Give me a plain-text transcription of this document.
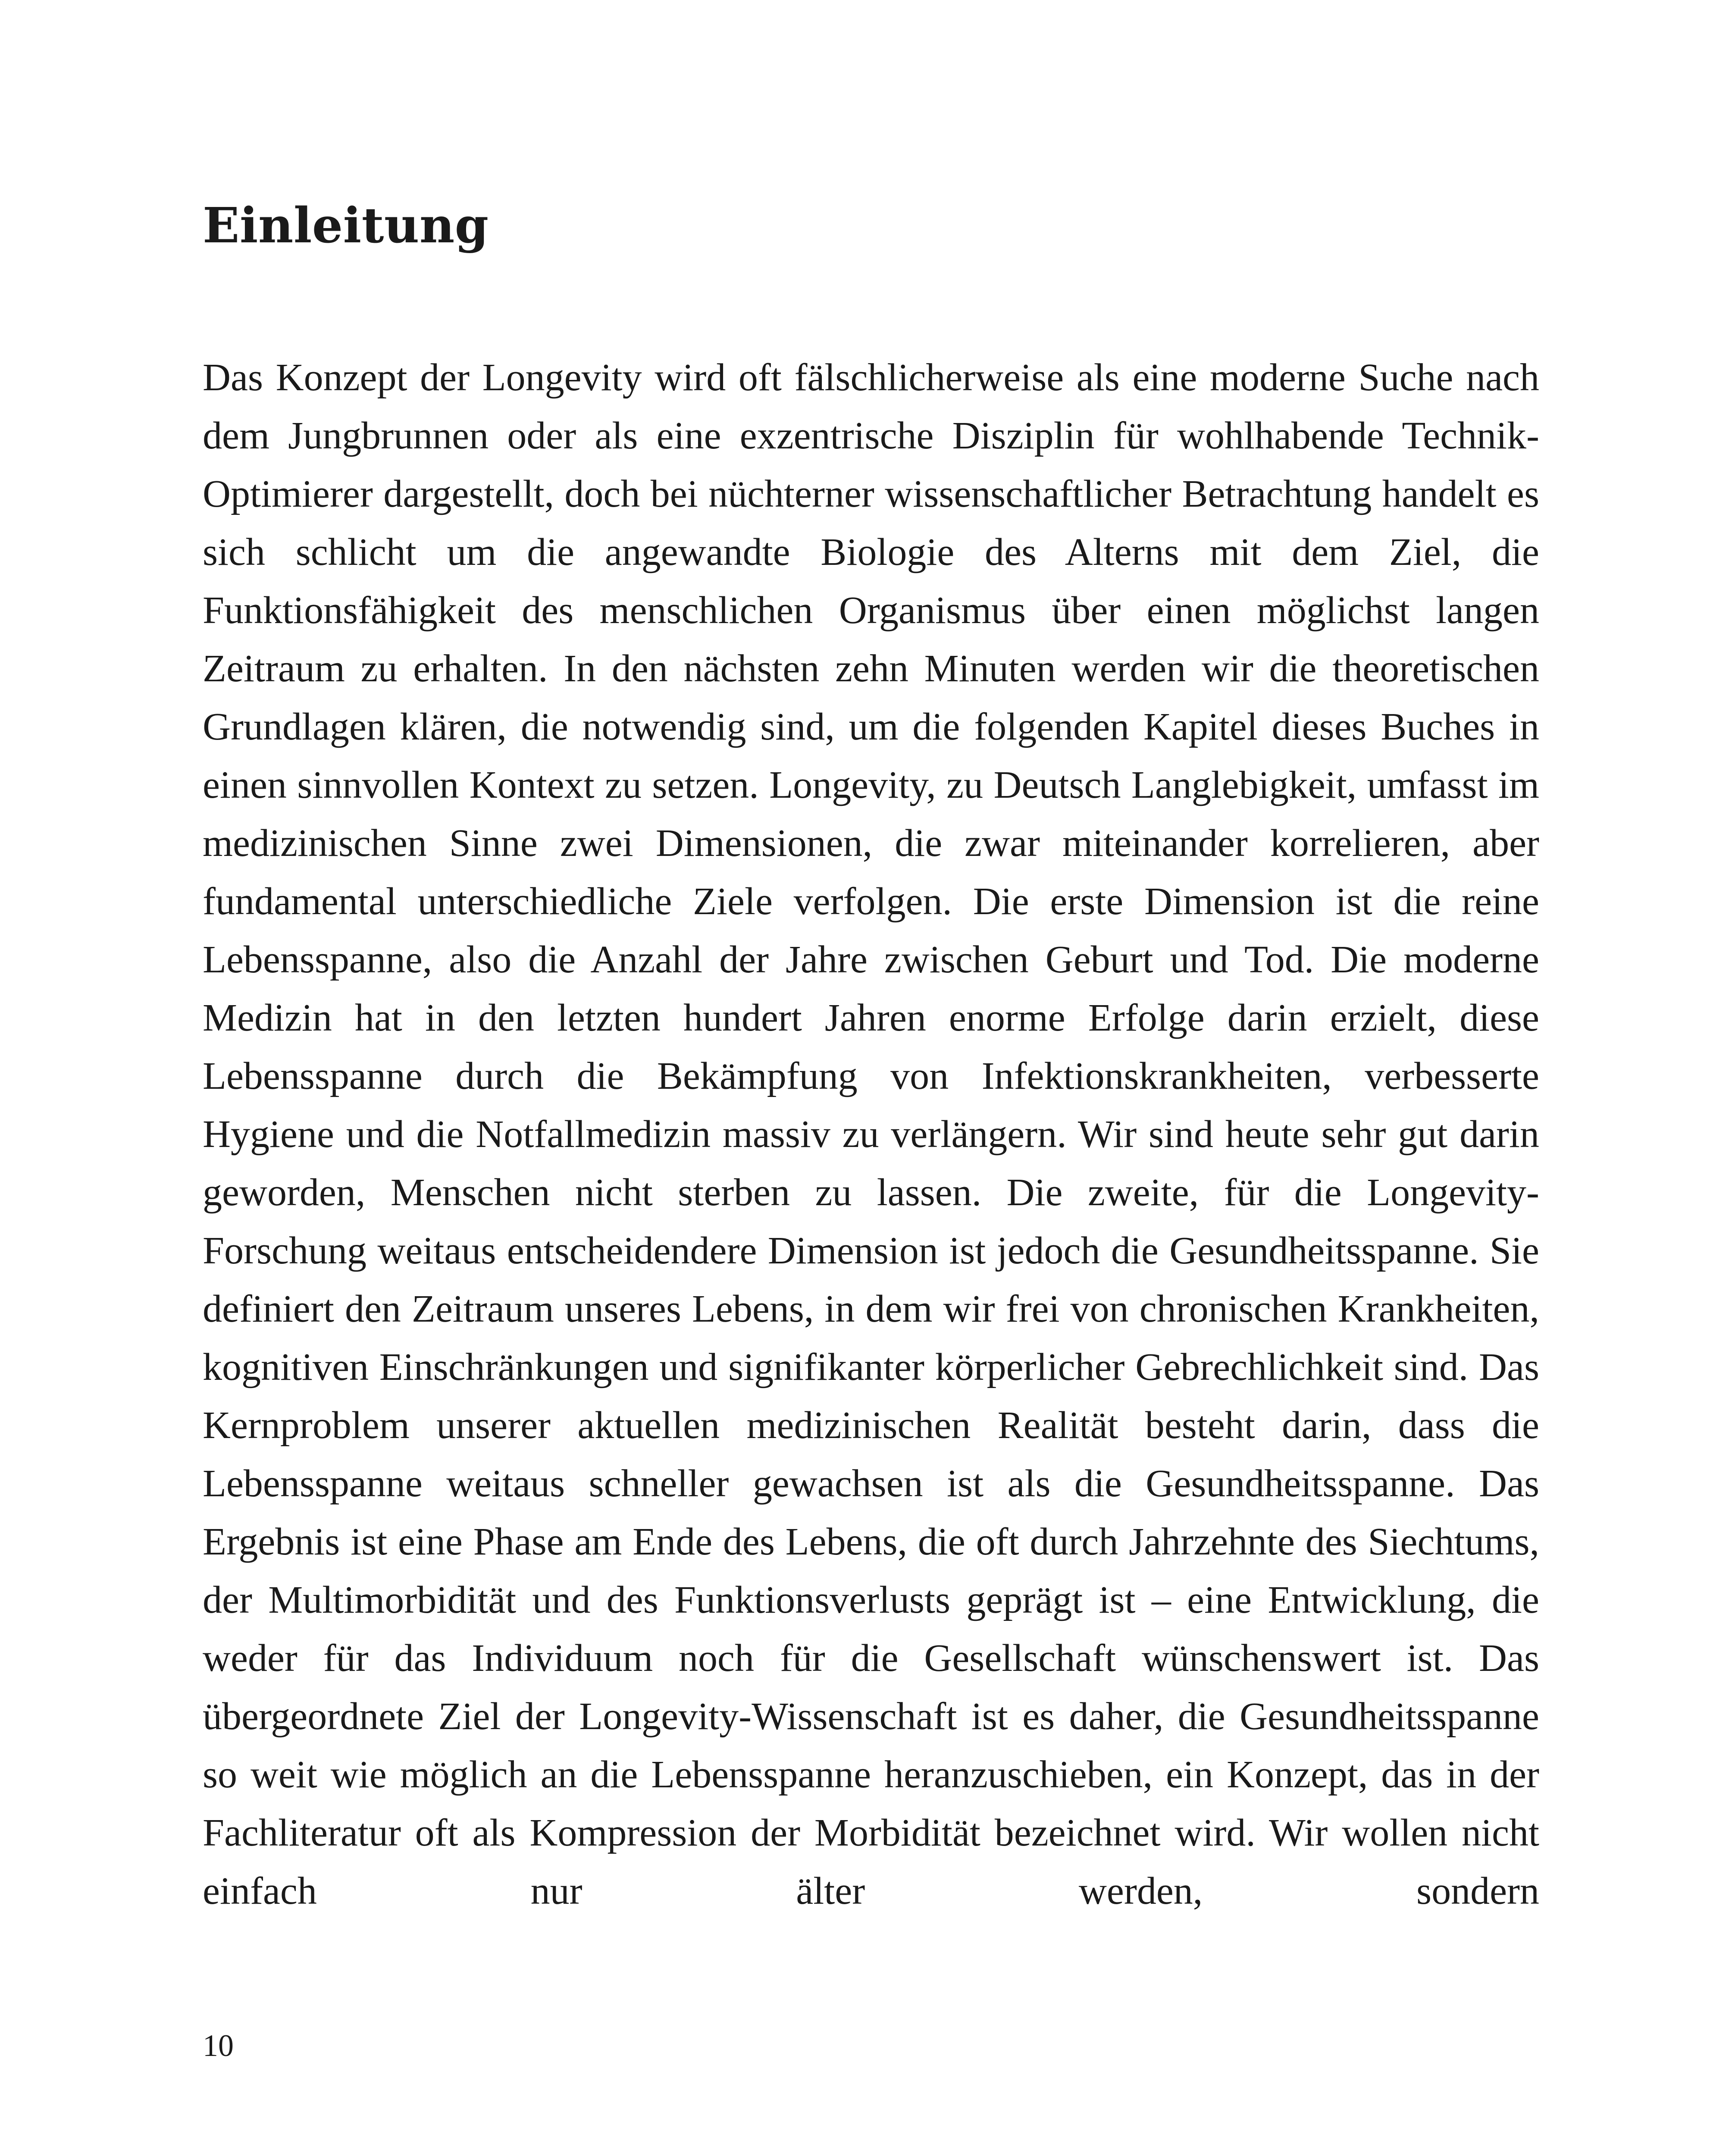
Einleitung

Das Konzept der Longevity wird oft fälschlicherweise als eine moderne Suche nach dem Jungbrunnen oder als eine exzentrische Disziplin für wohlhabende Technik-Optimierer dargestellt, doch bei nüchterner wissenschaftlicher Betrachtung handelt es sich schlicht um die angewandte Biologie des Alterns mit dem Ziel, die Funktionsfähigkeit des menschlichen Organismus über einen möglichst langen Zeitraum zu erhalten. In den nächsten zehn Minuten werden wir die theoretischen Grundlagen klären, die notwendig sind, um die folgenden Kapitel dieses Buches in einen sinnvollen Kontext zu setzen. Longevity, zu Deutsch Langlebigkeit, umfasst im medizinischen Sinne zwei Dimensionen, die zwar miteinander korrelieren, aber fundamental unterschiedliche Ziele verfolgen. Die erste Dimension ist die reine Lebensspanne, also die Anzahl der Jahre zwischen Geburt und Tod. Die moderne Medizin hat in den letzten hundert Jahren enorme Erfolge darin erzielt, diese Lebensspanne durch die Bekämpfung von Infektionskrankheiten, verbesserte Hygiene und die Notfallmedizin massiv zu verlängern. Wir sind heute sehr gut darin geworden, Menschen nicht sterben zu lassen. Die zweite, für die Longevity-Forschung weitaus entscheidendere Dimension ist jedoch die Gesundheitsspanne. Sie definiert den Zeitraum unseres Lebens, in dem wir frei von chronischen Krankheiten, kognitiven Einschränkungen und signifikanter körperlicher Gebrechlichkeit sind. Das Kernproblem unserer aktuellen medizinischen Realität besteht darin, dass die Lebensspanne weitaus schneller gewachsen ist als die Gesundheitsspanne. Das Ergebnis ist eine Phase am Ende des Lebens, die oft durch Jahrzehnte des Siechtums, der Multimorbidität und des Funktionsverlusts geprägt ist – eine Entwicklung, die weder für das Individuum noch für die Gesellschaft wünschenswert ist. Das übergeordnete Ziel der Longevity-Wissenschaft ist es daher, die Gesundheitsspanne so weit wie möglich an die Lebensspanne heranzuschieben, ein Konzept, das in der Fachliteratur oft als Kompression der Morbidität bezeichnet wird. Wir wollen nicht einfach nur älter werden, sondern

10
